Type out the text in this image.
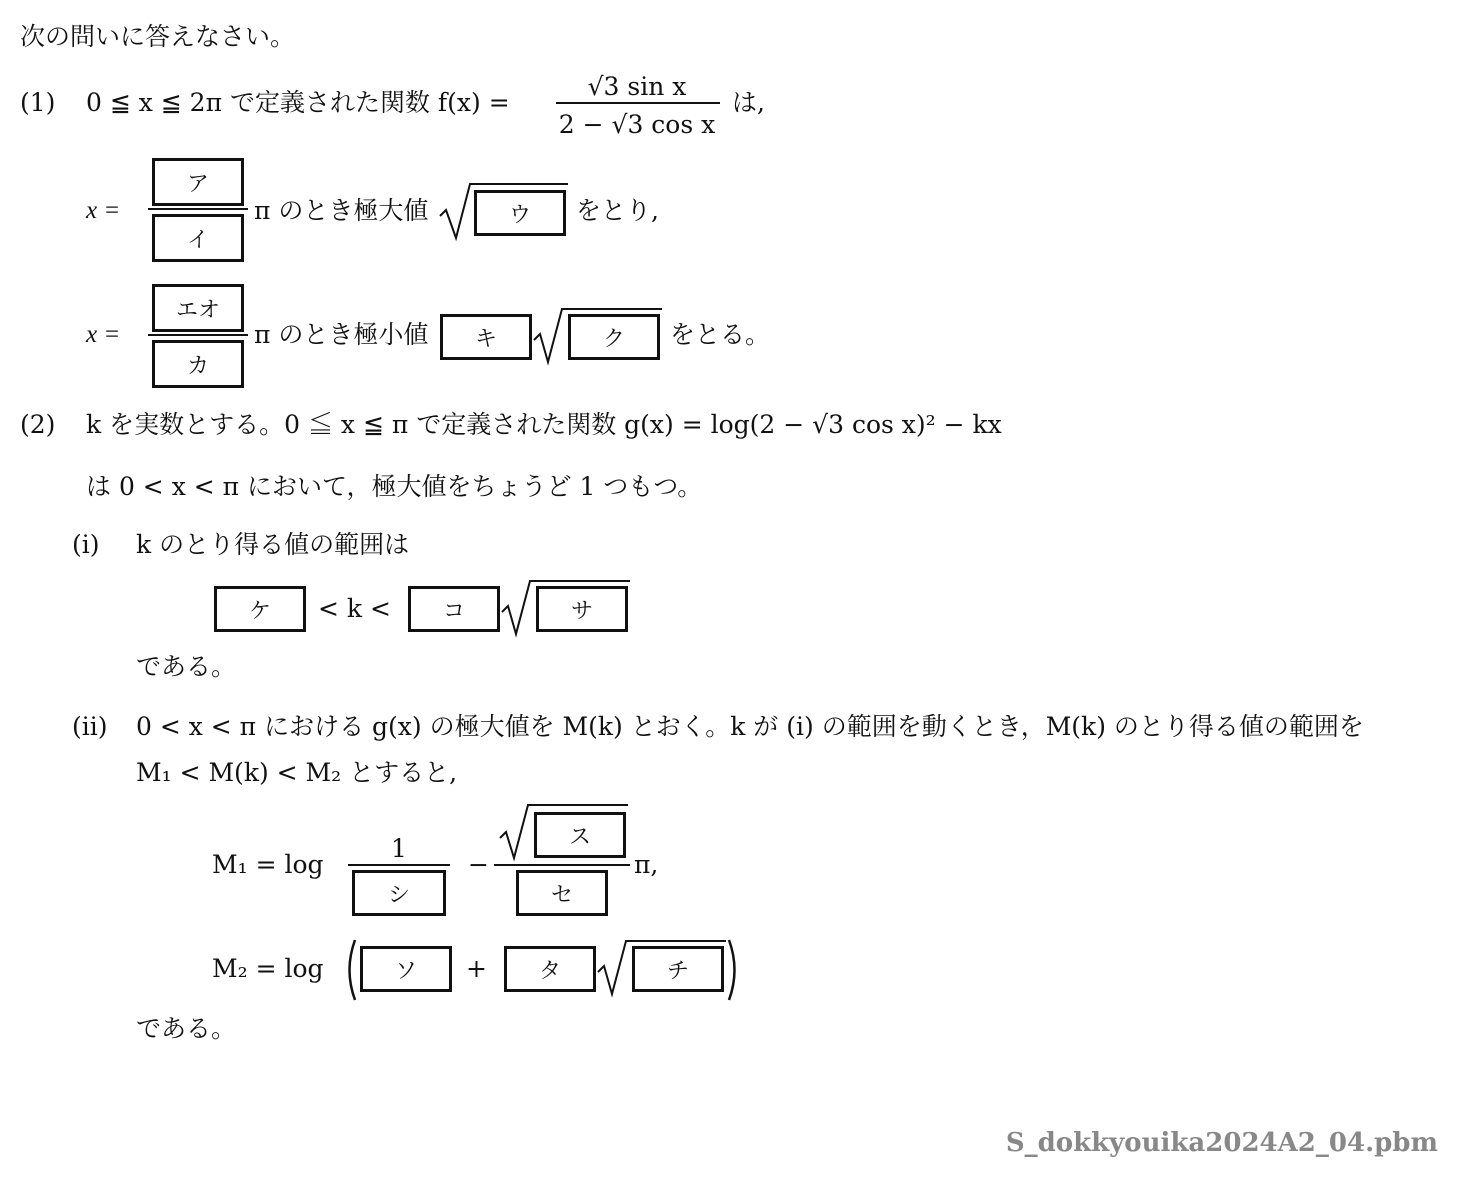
次の問いに答えなさい。
(1) 0 ≦ x ≦ 2π で定義された関数 f(x) =
√3 sin x
2 − √3 cos x
は,
x =
ア
イ
π のとき極大値	ウ	をとり,
x =
エオ
カ
π のとき極小値	キ	ク	をとる。
(2) k を実数とする。0 ≦ x ≦ π で定義された関数 g(x) = log(2 − √3 cos x)² − kx
は 0 < x < π において，極大値をちょうど 1 つもつ。
(i) k のとり得る値の範囲は
ケ	< k <	コ	サ
である。
(ii) 0 < x < π における g(x) の極大値を M(k) とおく。k が (i) の範囲を動くとき，M(k) のとり得る値の範囲を
M₁ < M(k) < M₂ とすると,
M₁ = log
1
シ
−
ス
セ
π,
M₂ = log	ソ	+	タ	チ
である。
S_dokkyouika2024A2_04.pbm
